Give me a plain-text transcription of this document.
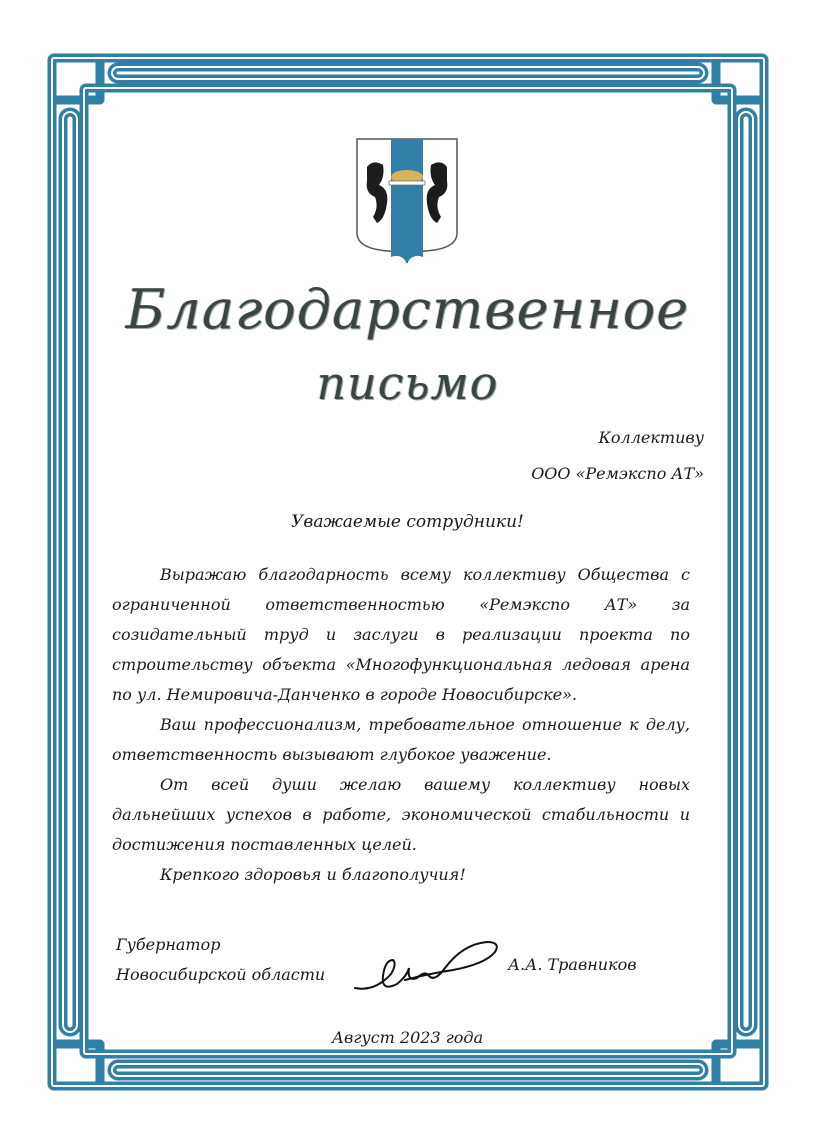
Благодарственное
письмо
Коллективу
ООО «Ремэкспо АТ»
Уважаемые сотрудники!

Выражаю благодарность всему коллективу Общества с ограниченной ответственностью «Ремэкспо АТ» за созидательный труд и заслуги в реализации проекта по строительству объекта «Многофункциональная ледовая арена по ул. Немировича-Данченко в городе Новосибирске».

Ваш профессионализм, требовательное отношение к делу, ответственность вызывают глубокое уважение.

От всей души желаю вашему коллективу новых дальнейших успехов в работе, экономической стабильности и достижения поставленных целей.

Крепкого здоровья и благополучия!

Губернатор
Новосибирской области
А.А. Травников
Август 2023 года
